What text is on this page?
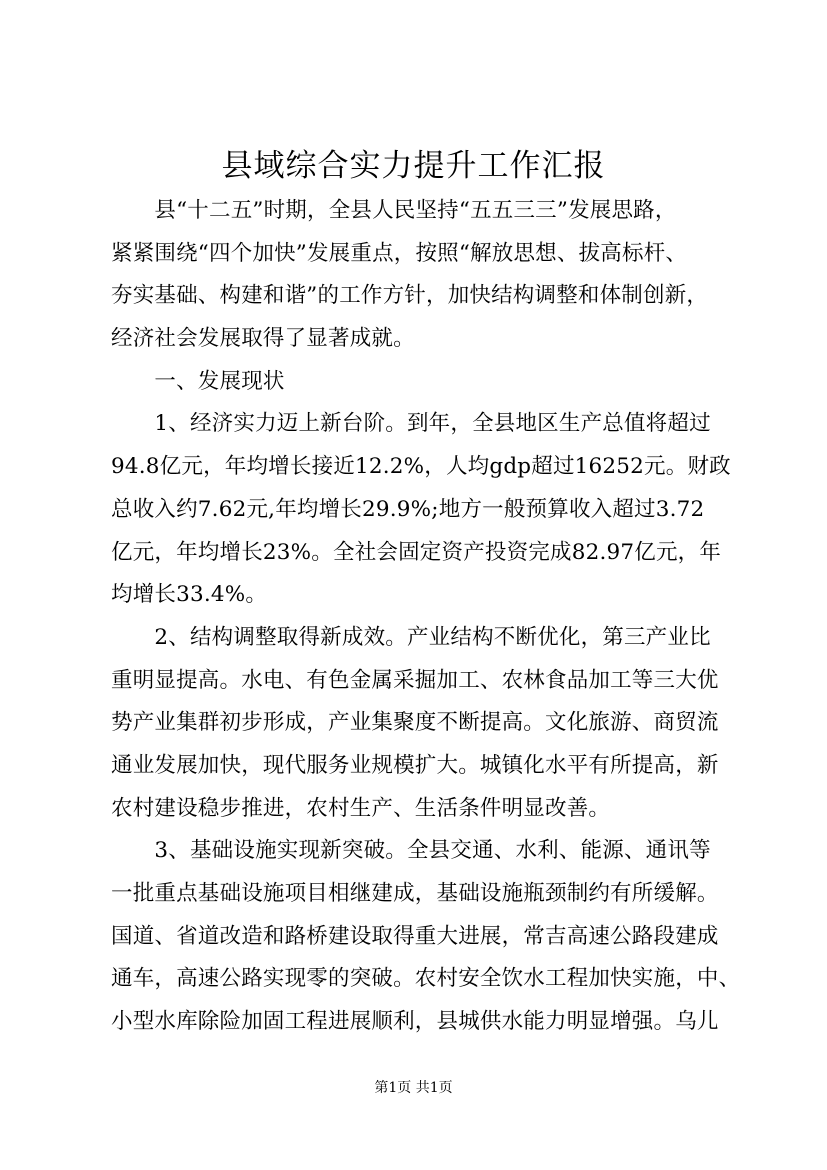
县域综合实力提升工作汇报
　　县“十二五”时期，全县人民坚持“五五三三”发展思路，
紧紧围绕“四个加快”发展重点，按照“解放思想、拔高标杆、
夯实基础、构建和谐”的工作方针，加快结构调整和体制创新，
经济社会发展取得了显著成就。
　　一、发展现状
　　1、经济实力迈上新台阶。到年，全县地区生产总值将超过
94.8亿元，年均增长接近12.2%，人均gdp超过16252元。财政
总收入约7.62元,年均增长29.9%;地方一般预算收入超过3.72
亿元，年均增长23%。全社会固定资产投资完成82.97亿元，年
均增长33.4%。
　　2、结构调整取得新成效。产业结构不断优化，第三产业比
重明显提高。水电、有色金属采掘加工、农林食品加工等三大优
势产业集群初步形成，产业集聚度不断提高。文化旅游、商贸流
通业发展加快，现代服务业规模扩大。城镇化水平有所提高，新
农村建设稳步推进，农村生产、生活条件明显改善。
　　3、基础设施实现新突破。全县交通、水利、能源、通讯等
一批重点基础设施项目相继建成，基础设施瓶颈制约有所缓解。
国道、省道改造和路桥建设取得重大进展，常吉高速公路段建成
通车，高速公路实现零的突破。农村安全饮水工程加快实施，中、
小型水库除险加固工程进展顺利，县城供水能力明显增强。乌儿
第1页 共1页
